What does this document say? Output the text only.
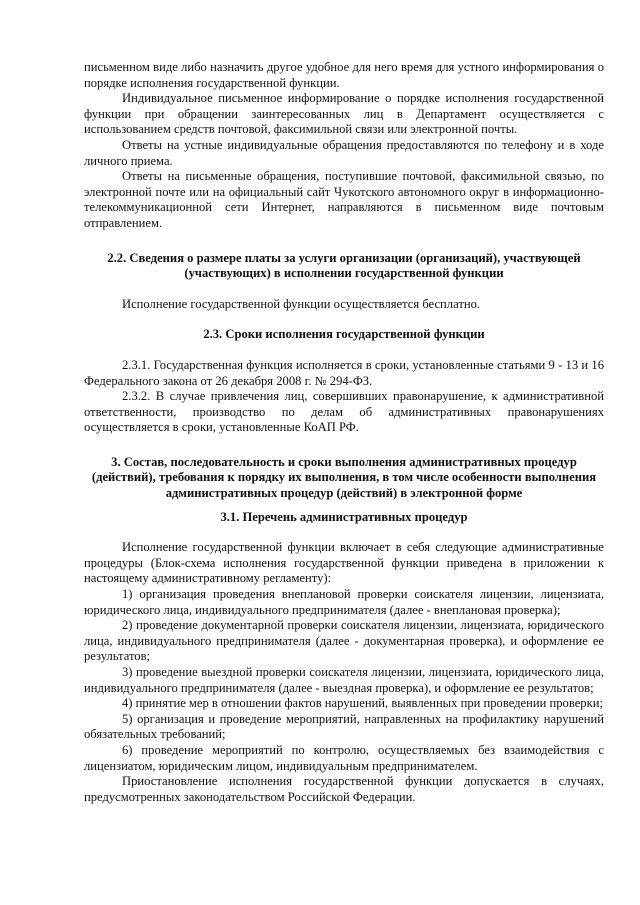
письменном виде либо назначить другое удобное для него время для устного информирования о порядке исполнения государственной функции.

Индивидуальное письменное информирование о порядке исполнения государственной функции при обращении заинтересованных лиц в Департамент осуществляется с использованием средств почтовой, факсимильной связи или электронной почты.

Ответы на устные индивидуальные обращения предоставляются по телефону и в ходе личного приема.

Ответы на письменные обращения, поступившие почтовой, факсимильной связью, по электронной почте или на официальный сайт Чукотского автономного округ в информационно-телекоммуникационной сети Интернет, направляются в письменном виде почтовым отправлением.

2.2. Сведения о размере платы за услуги организации (организаций), участвующей
(участвующих) в исполнении государственной функции

Исполнение государственной функции осуществляется бесплатно.

2.3. Сроки исполнения государственной функции

2.3.1. Государственная функция исполняется в сроки, установленные статьями 9 - 13 и 16 Федерального закона от 26 декабря 2008 г. № 294-ФЗ.

2.3.2. В случае привлечения лиц, совершивших правонарушение, к административной ответственности, производство по делам об административных правонарушениях осуществляется в сроки, установленные КоАП РФ.

3. Состав, последовательность и сроки выполнения административных процедур
(действий), требования к порядку их выполнения, в том числе особенности выполнения
административных процедур (действий) в электронной форме
3.1. Перечень административных процедур

Исполнение государственной функции включает в себя следующие административные процедуры (Блок-схема исполнения государственной функции приведена в приложении к настоящему административному регламенту):

1) организация проведения внеплановой проверки соискателя лицензии, лицензиата, юридического лица, индивидуального предпринимателя (далее - внеплановая проверка);

2) проведение документарной проверки соискателя лицензии, лицензиата, юридического лица, индивидуального предпринимателя (далее - документарная проверка), и оформление ее результатов;

3) проведение выездной проверки соискателя лицензии, лицензиата, юридического лица, индивидуального предпринимателя (далее - выездная проверка), и оформление ее результатов;

4) принятие мер в отношении фактов нарушений, выявленных при проведении проверки;

5) организация и проведение мероприятий, направленных на профилактику нарушений обязательных требований;

6) проведение мероприятий по контролю, осуществляемых без взаимодействия с лицензиатом, юридическим лицом, индивидуальным предпринимателем.

Приостановление исполнения государственной функции допускается в случаях, предусмотренных законодательством Российской Федерации.
